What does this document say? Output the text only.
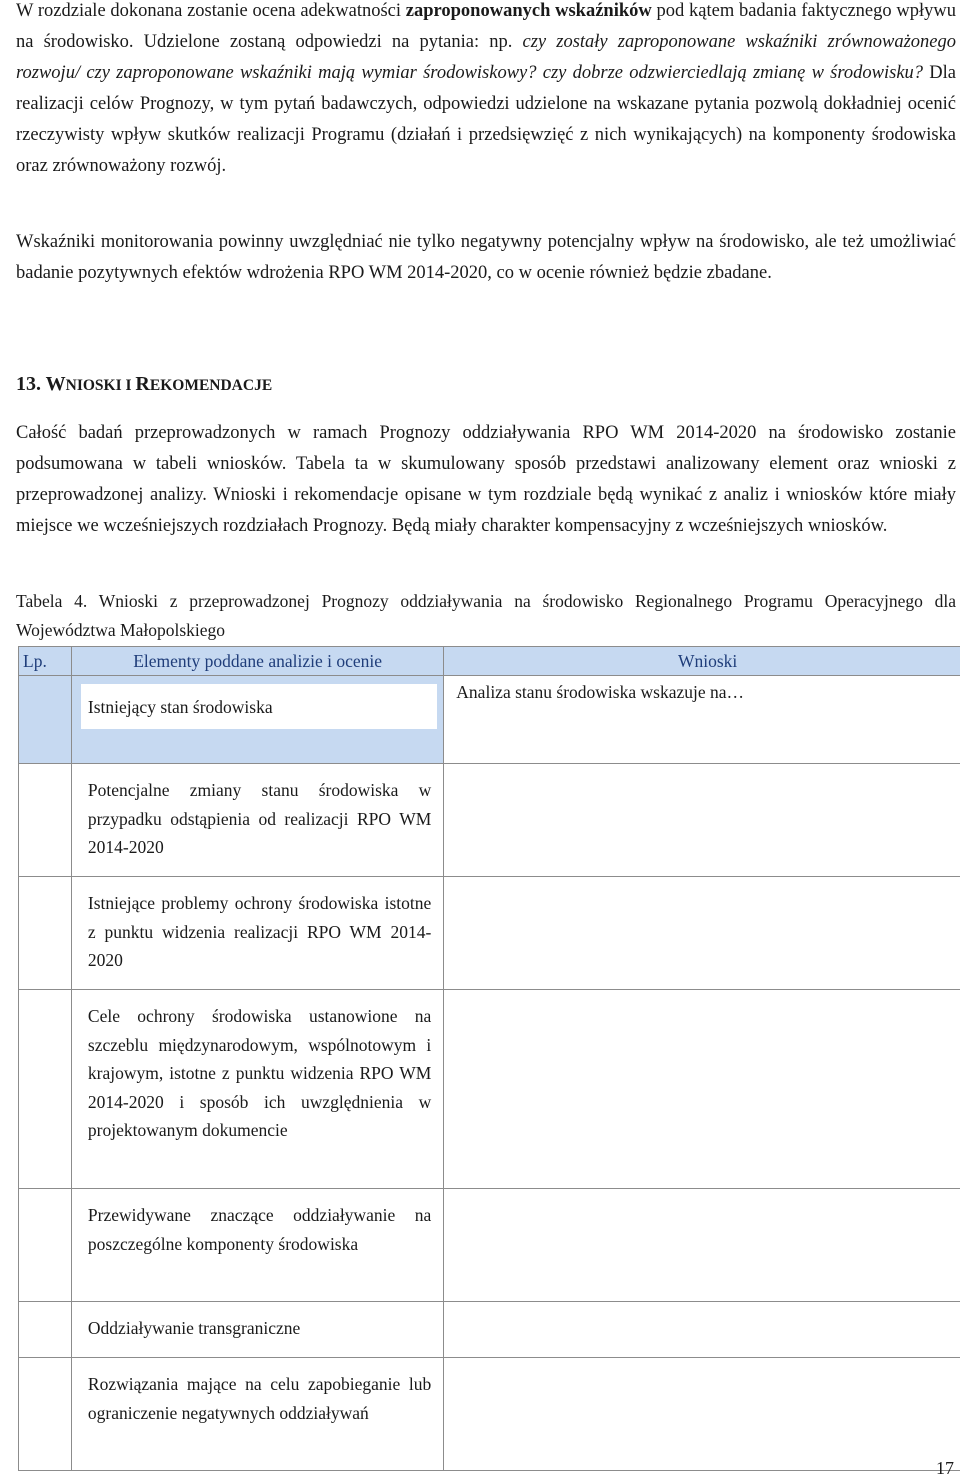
W rozdziale dokonana zostanie ocena adekwatności zaproponowanych wskaźników pod kątem badania faktycznego wpływu na środowisko. Udzielone zostaną odpowiedzi na pytania: np. czy zostały zaproponowane wskaźniki zrównoważonego rozwoju/ czy zaproponowane wskaźniki mają wymiar środowiskowy? czy dobrze odzwierciedlają zmianę w środowisku? Dla realizacji celów Prognozy, w tym pytań badawczych, odpowiedzi udzielone na wskazane pytania pozwolą dokładniej ocenić rzeczywisty wpływ skutków realizacji Programu (działań i przedsięwzięć z nich wynikających) na komponenty środowiska oraz zrównoważony rozwój.

Wskaźniki monitorowania powinny uwzględniać nie tylko negatywny potencjalny wpływ na środowisko, ale też umożliwiać badanie pozytywnych efektów wdrożenia RPO WM 2014-2020, co w ocenie również będzie zbadane.

13. WNIOSKI I REKOMENDACJE

Całość badań przeprowadzonych w ramach Prognozy oddziaływania RPO WM 2014-2020 na środowisko zostanie podsumowana w tabeli wniosków. Tabela ta w skumulowany sposób przedstawi analizowany element oraz wnioski z przeprowadzonej analizy. Wnioski i rekomendacje opisane w tym rozdziale będą wynikać z analiz i wniosków które miały miejsce we wcześniejszych rozdziałach Prognozy. Będą miały charakter kompensacyjny z wcześniejszych wniosków.

Tabela 4. Wnioski z przeprowadzonej Prognozy oddziaływania na środowisko Regionalnego Programu Operacyjnego dla Województwa Małopolskiego
Lp.	Elementy poddane analizie i ocenie	Wnioski

	Istniejący stan środowiska	Analiza stanu środowiska wskazuje na…

	Potencjalne zmiany stanu środowiska w przypadku odstąpienia od realizacji RPO WM 2014-2020	

	Istniejące problemy ochrony środowiska istotne z punktu widzenia realizacji RPO WM 2014-2020	

	Cele ochrony środowiska ustanowione na szczeblu międzynarodowym, wspólnotowym i krajowym, istotne z punktu widzenia RPO WM 2014-2020 i sposób ich uwzględnienia w projektowanym dokumencie	

	Przewidywane znaczące oddziaływanie na poszczególne komponenty środowiska	

	Oddziaływanie transgraniczne	

	Rozwiązania mające na celu zapobieganie lub ograniczenie negatywnych oddziaływań	

17
